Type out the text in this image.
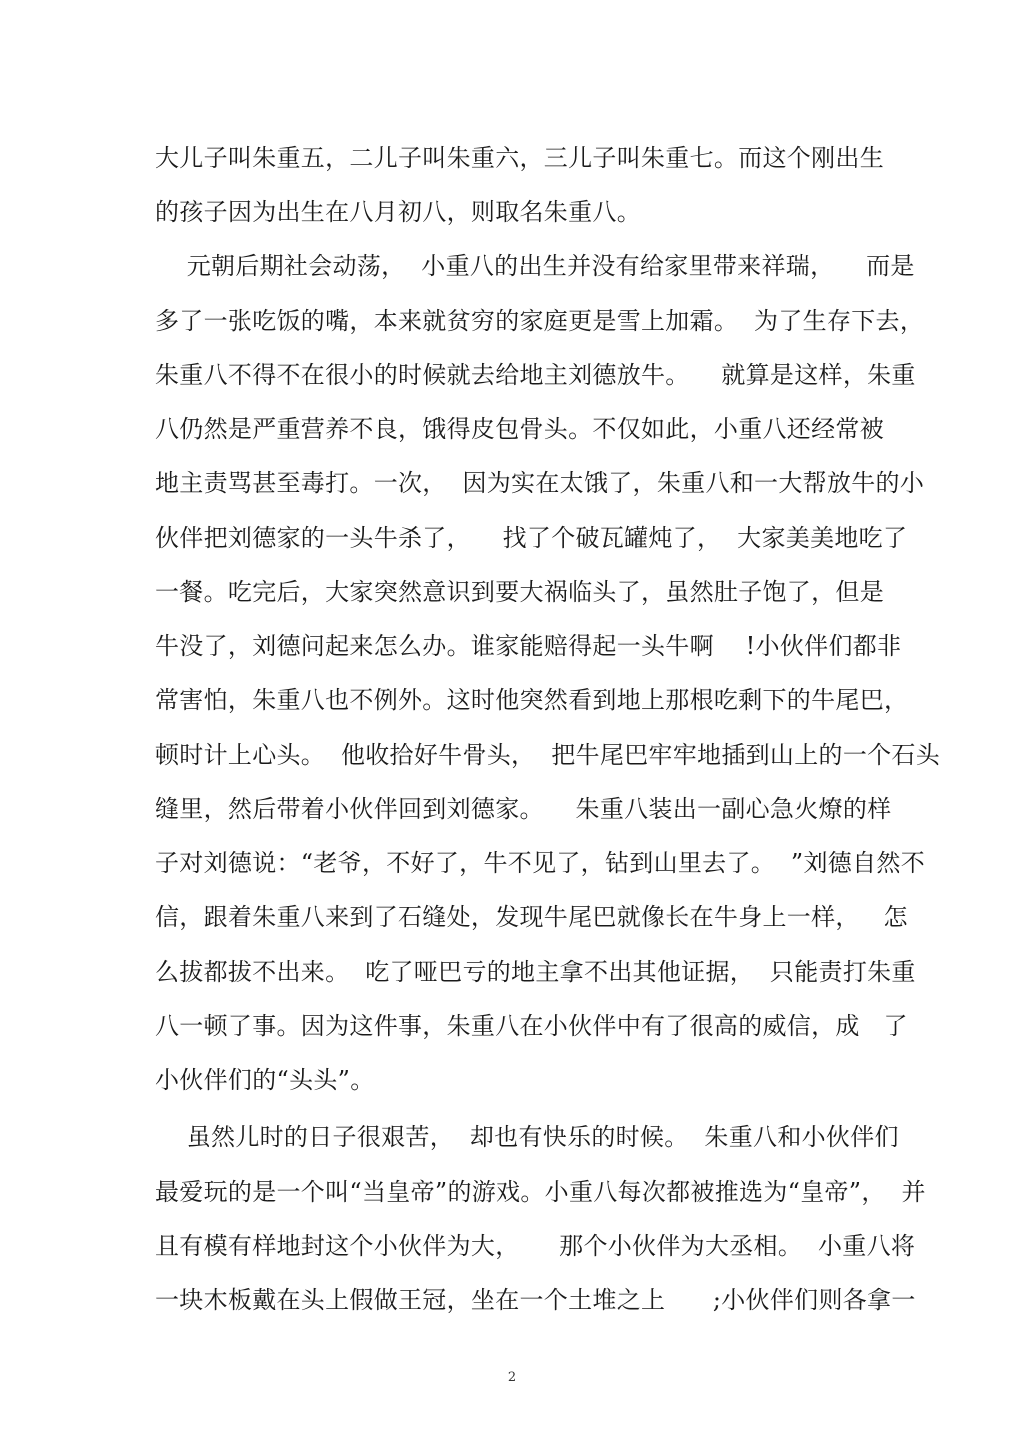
大儿子叫朱重五，二儿子叫朱重六，三儿子叫朱重七。而这个刚出生
的孩子因为出生在八月初八，则取名朱重八。
元朝后期社会动荡，  小重八的出生并没有给家里带来祥瑞，    而是
多了一张吃饭的嘴，本来就贫穷的家庭更是雪上加霜。  为了生存下去，
朱重八不得不在很小的时候就去给地主刘德放牛。    就算是这样，朱重
八仍然是严重营养不良，饿得皮包骨头。不仅如此，小重八还经常被
地主责骂甚至毒打。一次，  因为实在太饿了，朱重八和一大帮放牛的小
伙伴把刘德家的一头牛杀了，    找了个破瓦罐炖了，  大家美美地吃了
一餐。吃完后，大家突然意识到要大祸临头了，虽然肚子饱了，但是
牛没了，刘德问起来怎么办。谁家能赔得起一头牛啊    !小伙伴们都非
常害怕，朱重八也不例外。这时他突然看到地上那根吃剩下的牛尾巴，
顿时计上心头。  他收拾好牛骨头，  把牛尾巴牢牢地插到山上的一个石头
缝里，然后带着小伙伴回到刘德家。    朱重八装出一副心急火燎的样
子对刘德说：“老爷，不好了，牛不见了，钻到山里去了。  ”刘德自然不
信，跟着朱重八来到了石缝处，发现牛尾巴就像长在牛身上一样，   怎
么拔都拔不出来。  吃了哑巴亏的地主拿不出其他证据，  只能责打朱重
八一顿了事。因为这件事，朱重八在小伙伴中有了很高的威信，成   了
小伙伴们的“头头”。
虽然儿时的日子很艰苦，  却也有快乐的时候。  朱重八和小伙伴们
最爱玩的是一个叫“当皇帝”的游戏。小重八每次都被推选为“皇帝”，  并
且有模有样地封这个小伙伴为大，     那个小伙伴为大丞相。  小重八将
一块木板戴在头上假做王冠，坐在一个土堆之上      ;小伙伴们则各拿一
2
